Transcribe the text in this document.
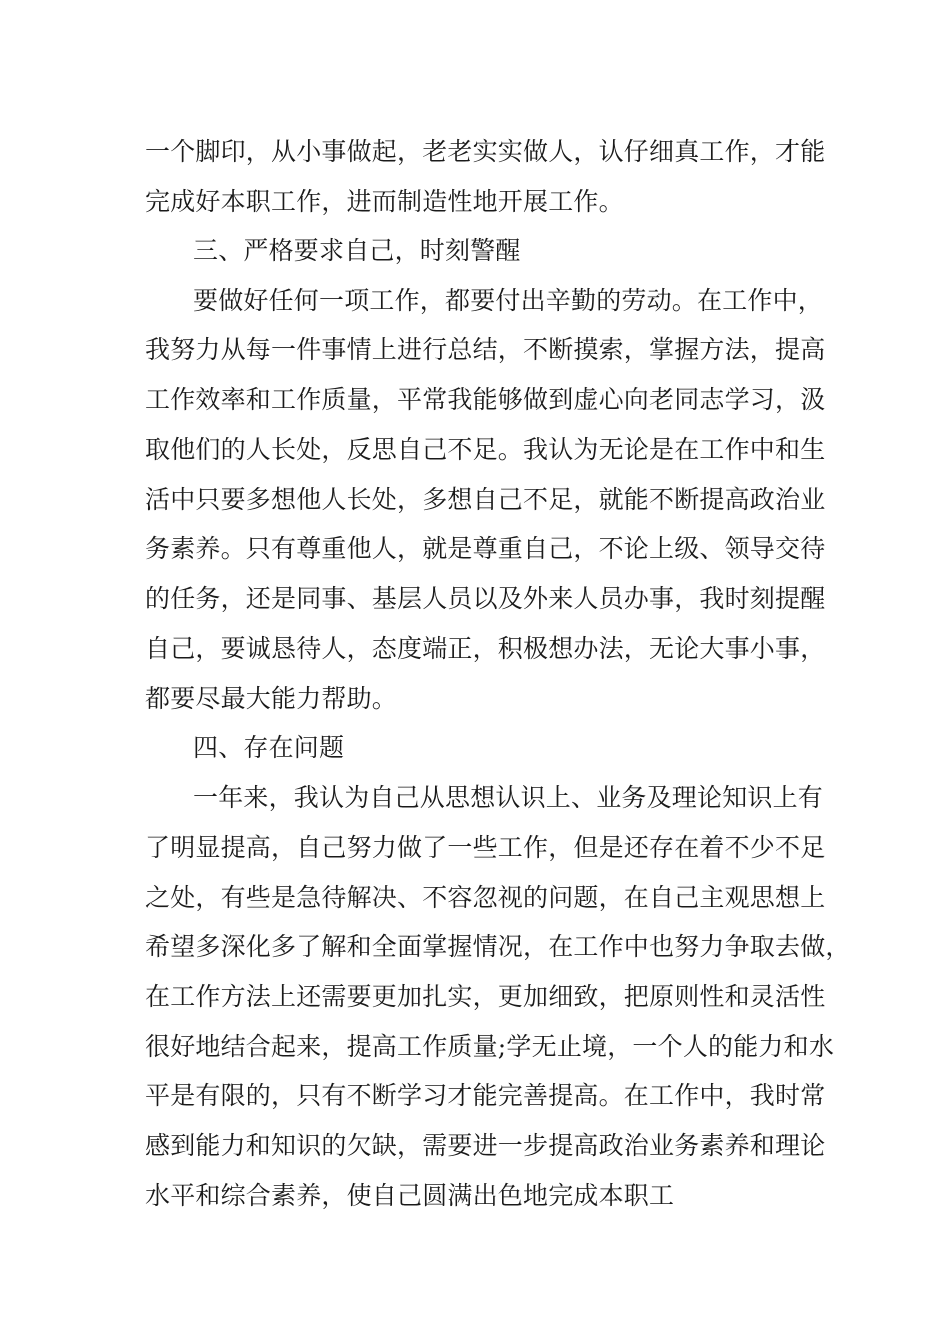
一个脚印，从小事做起，老老实实做人，认仔细真工作，才能
完成好本职工作，进而制造性地开展工作。
三、严格要求自己，时刻警醒
要做好任何一项工作，都要付出辛勤的劳动。在工作中，
我努力从每一件事情上进行总结，不断摸索，掌握方法，提高
工作效率和工作质量，平常我能够做到虚心向老同志学习，汲
取他们的人长处，反思自己不足。我认为无论是在工作中和生
活中只要多想他人长处，多想自己不足，就能不断提高政治业
务素养。只有尊重他人，就是尊重自己，不论上级、领导交待
的任务，还是同事、基层人员以及外来人员办事，我时刻提醒
自己，要诚恳待人，态度端正，积极想办法，无论大事小事，
都要尽最大能力帮助。
四、存在问题
一年来，我认为自己从思想认识上、业务及理论知识上有
了明显提高，自己努力做了一些工作，但是还存在着不少不足
之处，有些是急待解决、不容忽视的问题，在自己主观思想上
希望多深化多了解和全面掌握情况，在工作中也努力争取去做，
在工作方法上还需要更加扎实，更加细致，把原则性和灵活性
很好地结合起来，提高工作质量;学无止境，一个人的能力和水
平是有限的，只有不断学习才能完善提高。在工作中，我时常
感到能力和知识的欠缺，需要进一步提高政治业务素养和理论
水平和综合素养，使自己圆满出色地完成本职工
